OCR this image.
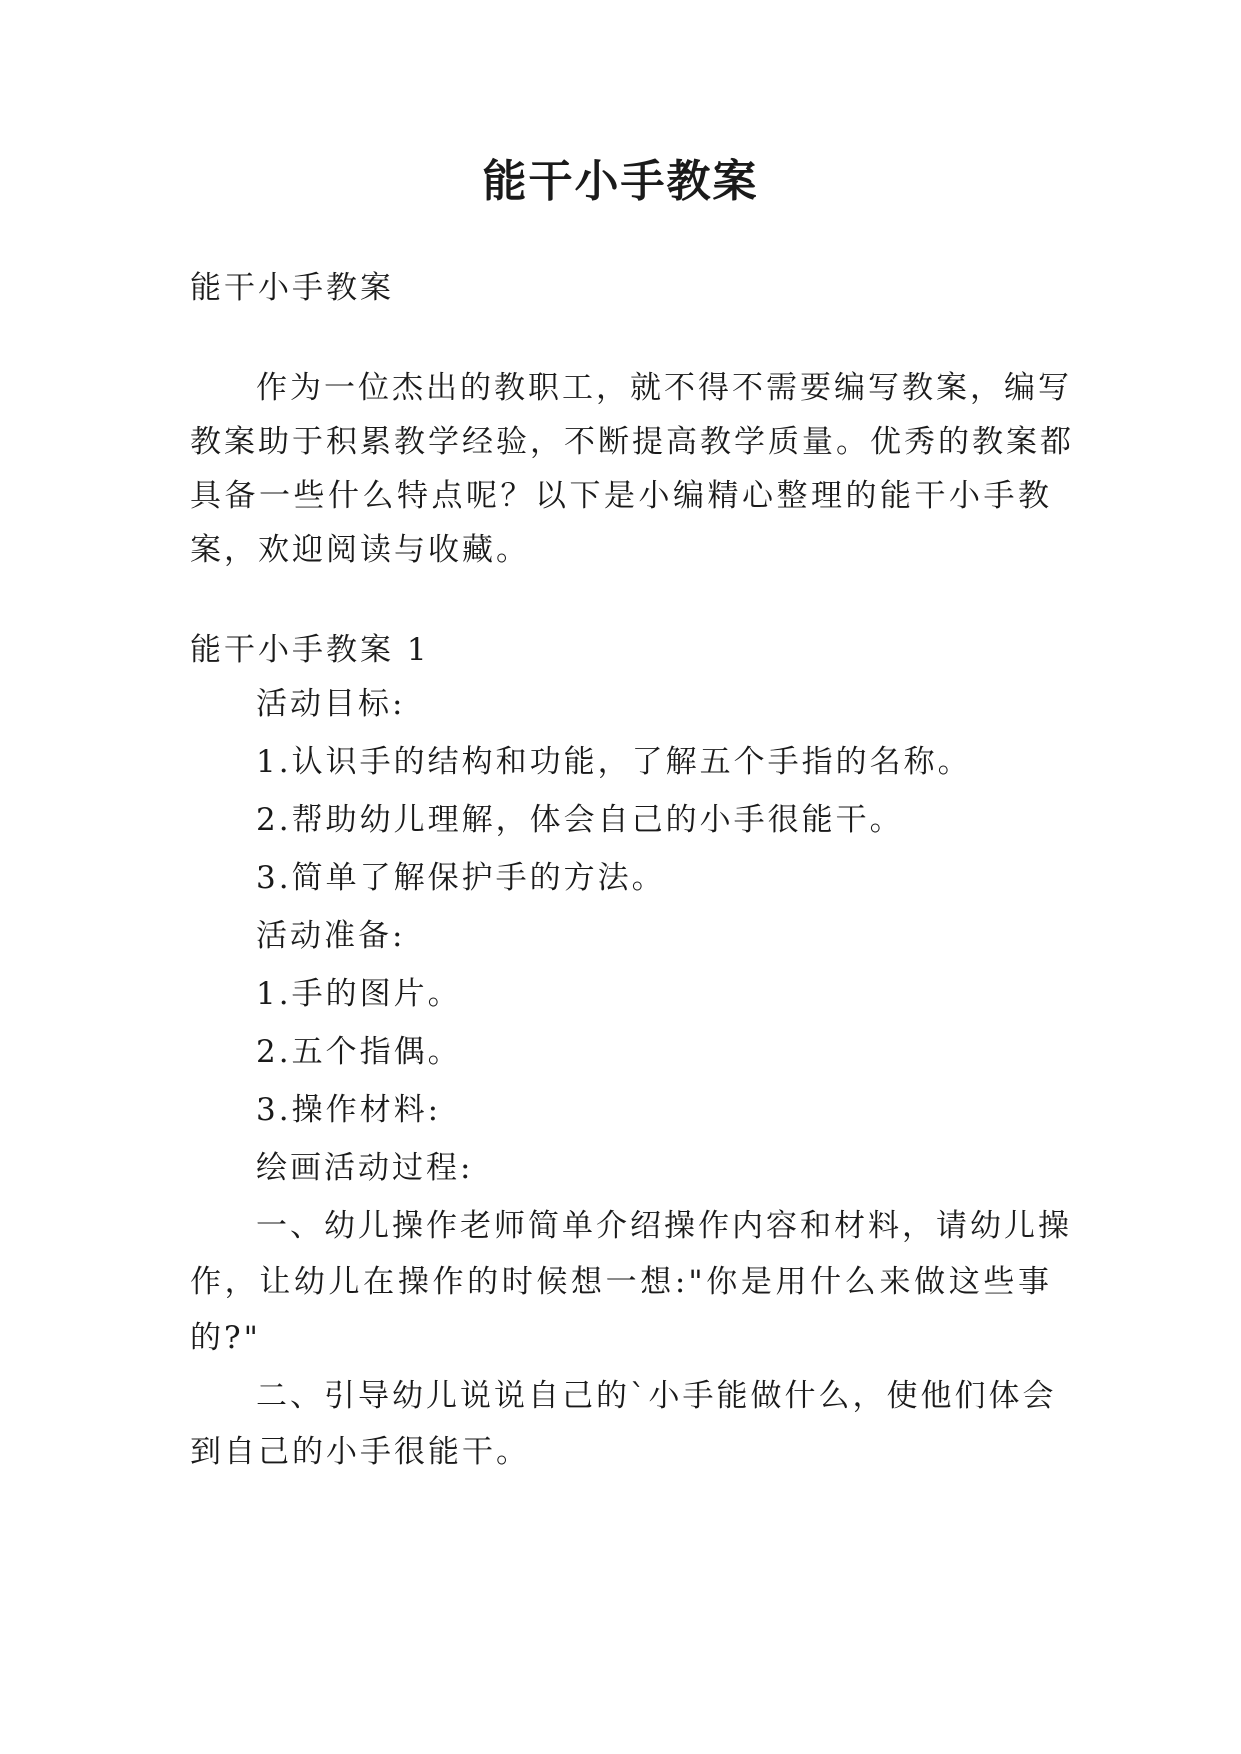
能干小手教案

能干小手教案

作为一位杰出的教职工，就不得不需要编写教案，编写

教案助于积累教学经验，不断提高教学质量。优秀的教案都

具备一些什么特点呢？以下是小编精心整理的能干小手教

案，欢迎阅读与收藏。

能干小手教案 1

活动目标:

1.认识手的结构和功能，了解五个手指的名称。

2.帮助幼儿理解，体会自己的小手很能干。

3.简单了解保护手的方法。

活动准备:

1.手的图片。

2.五个指偶。

3.操作材料:

绘画活动过程:

一、幼儿操作老师简单介绍操作内容和材料，请幼儿操

作，让幼儿在操作的时候想一想:"你是用什么来做这些事

的?"

二、引导幼儿说说自己的`小手能做什么，使他们体会

到自己的小手很能干。
